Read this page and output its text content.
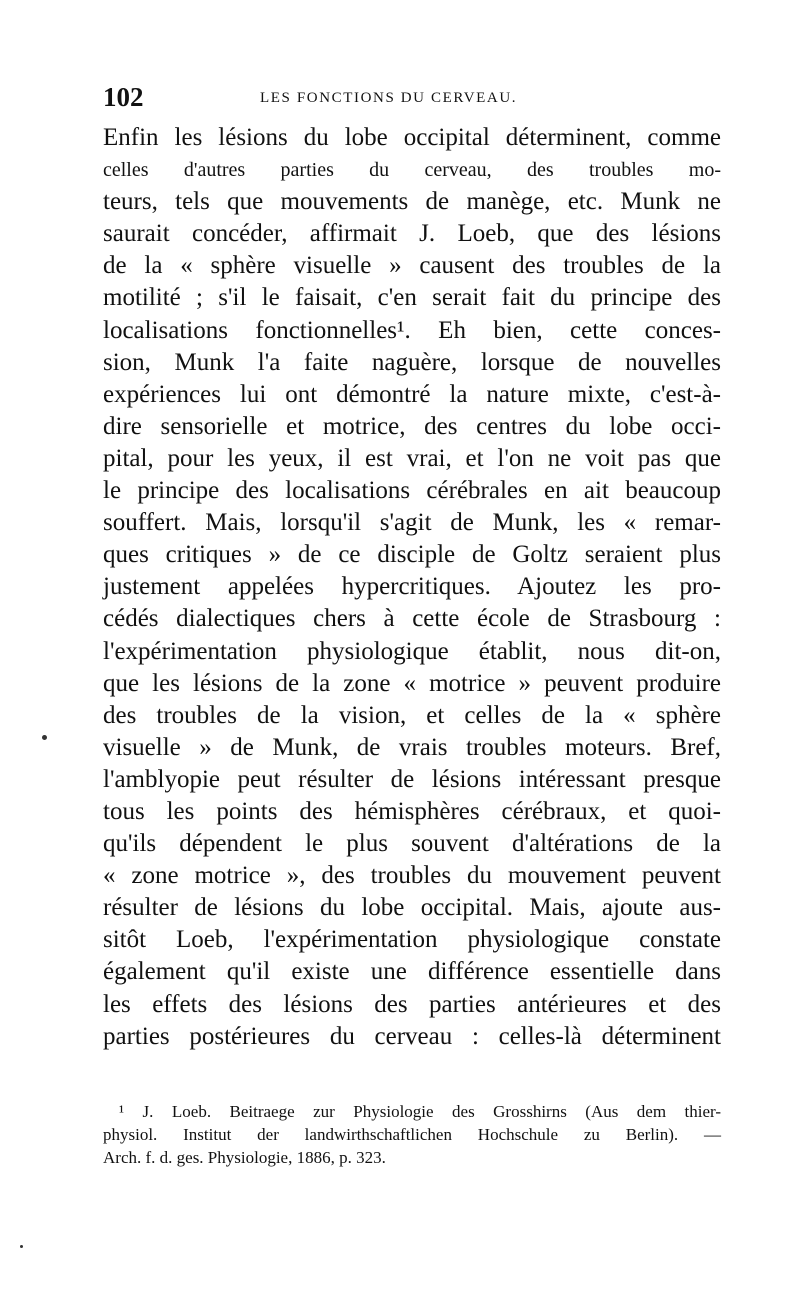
102	LES FONCTIONS DU CERVEAU.
Enfin les lésions du lobe occipital déterminent, comme
celles d'autres parties du cerveau, des troubles mo-
teurs, tels que mouvements de manège, etc. Munk ne
saurait concéder, affirmait J. Loeb, que des lésions
de la « sphère visuelle » causent des troubles de la
motilité ; s'il le faisait, c'en serait fait du principe des
localisations fonctionnelles¹. Eh bien, cette conces-
sion, Munk l'a faite naguère, lorsque de nouvelles
expériences lui ont démontré la nature mixte, c'est-à-
dire sensorielle et motrice, des centres du lobe occi-
pital, pour les yeux, il est vrai, et l'on ne voit pas que
le principe des localisations cérébrales en ait beaucoup
souffert. Mais, lorsqu'il s'agit de Munk, les « remar-
ques critiques » de ce disciple de Goltz seraient plus
justement appelées hypercritiques. Ajoutez les pro-
cédés dialectiques chers à cette école de Strasbourg :
l'expérimentation physiologique établit, nous dit-on,
que les lésions de la zone « motrice » peuvent produire
des troubles de la vision, et celles de la « sphère
visuelle » de Munk, de vrais troubles moteurs. Bref,
l'amblyopie peut résulter de lésions intéressant presque
tous les points des hémisphères cérébraux, et quoi-
qu'ils dépendent le plus souvent d'altérations de la
« zone motrice », des troubles du mouvement peuvent
résulter de lésions du lobe occipital. Mais, ajoute aus-
sitôt Loeb, l'expérimentation physiologique constate
également qu'il existe une différence essentielle dans
les effets des lésions des parties antérieures et des
parties postérieures du cerveau : celles-là déterminent
¹ J. Loeb. Beitraege zur Physiologie des Grosshirns (Aus dem thier-
physiol. Institut der landwirthschaftlichen Hochschule zu Berlin). —
Arch. f. d. ges. Physiologie, 1886, p. 323.
